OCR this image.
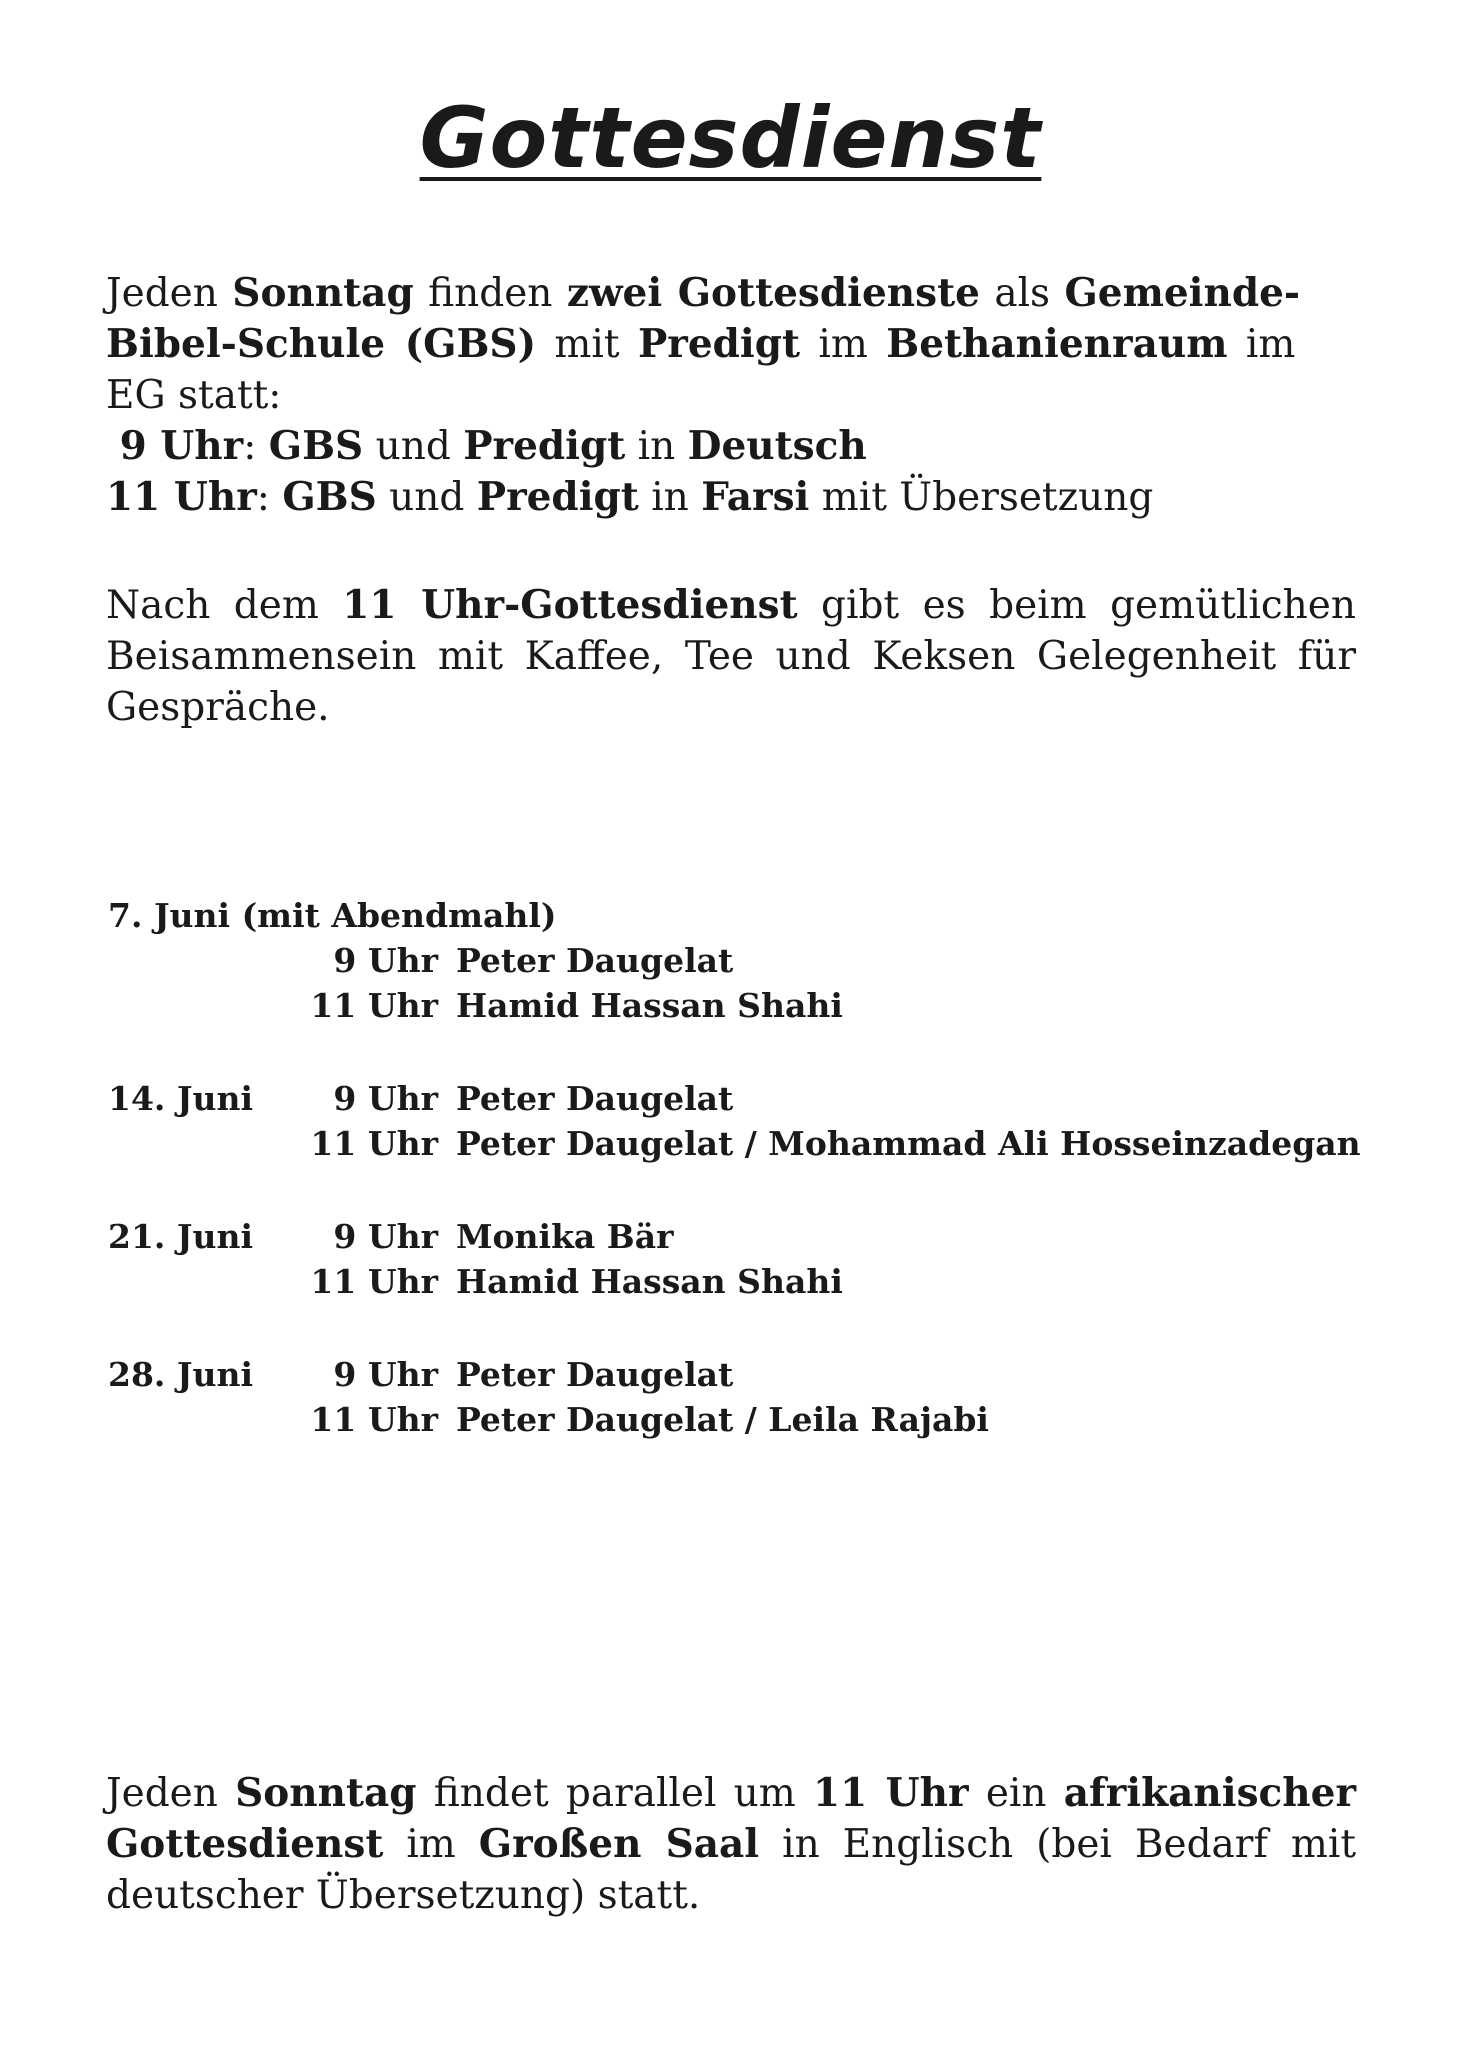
Gottesdienst
Jeden Sonntag finden zwei Gottesdienste als Gemeinde-
Bibel-Schule (GBS) mit Predigt im Bethanienraum im
EG statt:
9 Uhr: GBS und Predigt in Deutsch
11 Uhr: GBS und Predigt in Farsi mit Übersetzung

Nach dem 11 Uhr-Gottesdienst gibt es beim gemütlichen Beisammensein mit Kaffee, Tee und Keksen Gelegenheit für Gespräche.

7. Juni (mit Abendmahl)
9 Uhr Peter Daugelat
11 Uhr Hamid Hassan Shahi
14. Juni	9 Uhr Peter Daugelat
11 Uhr Peter Daugelat / Mohammad Ali Hosseinzadegan
21. Juni	9 Uhr Monika Bär
11 Uhr Hamid Hassan Shahi
28. Juni	9 Uhr Peter Daugelat
11 Uhr Peter Daugelat / Leila Rajabi

Jeden Sonntag findet parallel um 11 Uhr ein afrikanischer Gottesdienst im Großen Saal in Englisch (bei Bedarf mit deutscher Übersetzung) statt.
